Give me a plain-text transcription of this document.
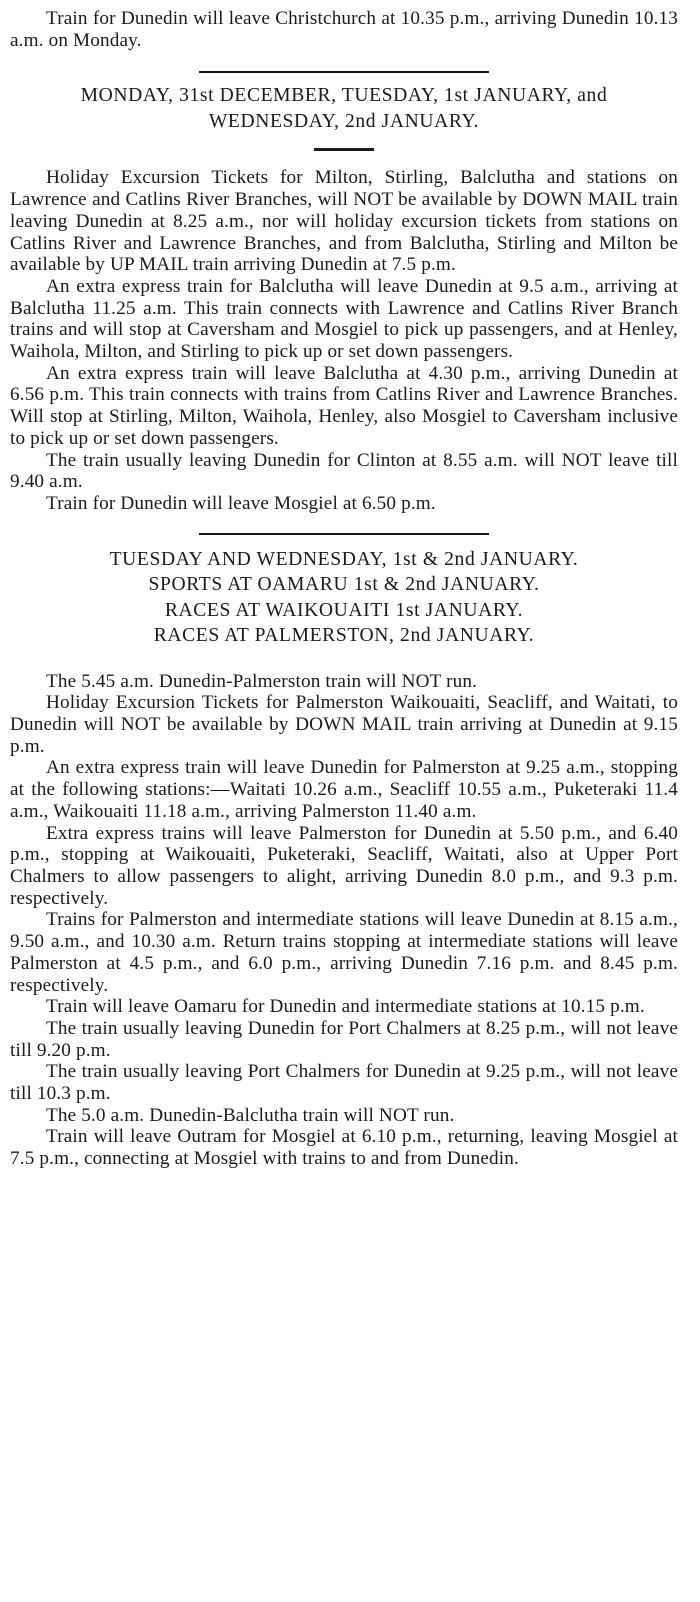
Train for Dunedin will leave Christchurch at 10.35 p.m., arriving Dunedin 10.13 a.m. on Monday.

MONDAY, 31st DECEMBER, TUESDAY, 1st JANUARY, and WEDNESDAY, 2nd JANUARY.

Holiday Excursion Tickets for Milton, Stirling, Balclutha and stations on Lawrence and Catlins River Branches, will NOT be available by DOWN MAIL train leaving Dunedin at 8.25 a.m., nor will holiday excursion tickets from stations on Catlins River and Lawrence Branches, and from Balclutha, Stirling and Milton be available by UP MAIL train arriving Dunedin at 7.5 p.m.

An extra express train for Balclutha will leave Dunedin at 9.5 a.m., arriving at Balclutha 11.25 a.m. This train connects with Lawrence and Catlins River Branch trains and will stop at Caversham and Mosgiel to pick up passengers, and at Henley, Waihola, Milton, and Stirling to pick up or set down passengers.

An extra express train will leave Balclutha at 4.30 p.m., arriving Dunedin at 6.56 p.m. This train connects with trains from Catlins River and Lawrence Branches. Will stop at Stirling, Milton, Waihola, Henley, also Mosgiel to Caversham inclusive to pick up or set down passengers.

The train usually leaving Dunedin for Clinton at 8.55 a.m. will NOT leave till 9.40 a.m.

Train for Dunedin will leave Mosgiel at 6.50 p.m.

TUESDAY AND WEDNESDAY, 1st & 2nd JANUARY.

SPORTS AT OAMARU 1st & 2nd JANUARY.

RACES AT WAIKOUAITI 1st JANUARY.

RACES AT PALMERSTON, 2nd JANUARY.

The 5.45 a.m. Dunedin-Palmerston train will NOT run.

Holiday Excursion Tickets for Palmerston Waikouaiti, Seacliff, and Waitati, to Dunedin will NOT be available by DOWN MAIL train arriving at Dunedin at 9.15 p.m.

An extra express train will leave Dunedin for Palmerston at 9.25 a.m., stopping at the following stations:—Waitati 10.26 a.m., Seacliff 10.55 a.m., Puketeraki 11.4 a.m., Waikouaiti 11.18 a.m., arriving Palmerston 11.40 a.m.

Extra express trains will leave Palmerston for Dunedin at 5.50 p.m., and 6.40 p.m., stopping at Waikouaiti, Puketeraki, Seacliff, Waitati, also at Upper Port Chalmers to allow passengers to alight, arriving Dunedin 8.0 p.m., and 9.3 p.m. respectively.

Trains for Palmerston and intermediate stations will leave Dunedin at 8.15 a.m., 9.50 a.m., and 10.30 a.m. Return trains stopping at intermediate stations will leave Palmerston at 4.5 p.m., and 6.0 p.m., arriving Dunedin 7.16 p.m. and 8.45 p.m. respectively.

Train will leave Oamaru for Dunedin and intermediate stations at 10.15 p.m.

The train usually leaving Dunedin for Port Chalmers at 8.25 p.m., will not leave till 9.20 p.m.

The train usually leaving Port Chalmers for Dunedin at 9.25 p.m., will not leave till 10.3 p.m.

The 5.0 a.m. Dunedin-Balclutha train will NOT run.

Train will leave Outram for Mosgiel at 6.10 p.m., returning, leaving Mosgiel at 7.5 p.m., connecting at Mosgiel with trains to and from Dunedin.
